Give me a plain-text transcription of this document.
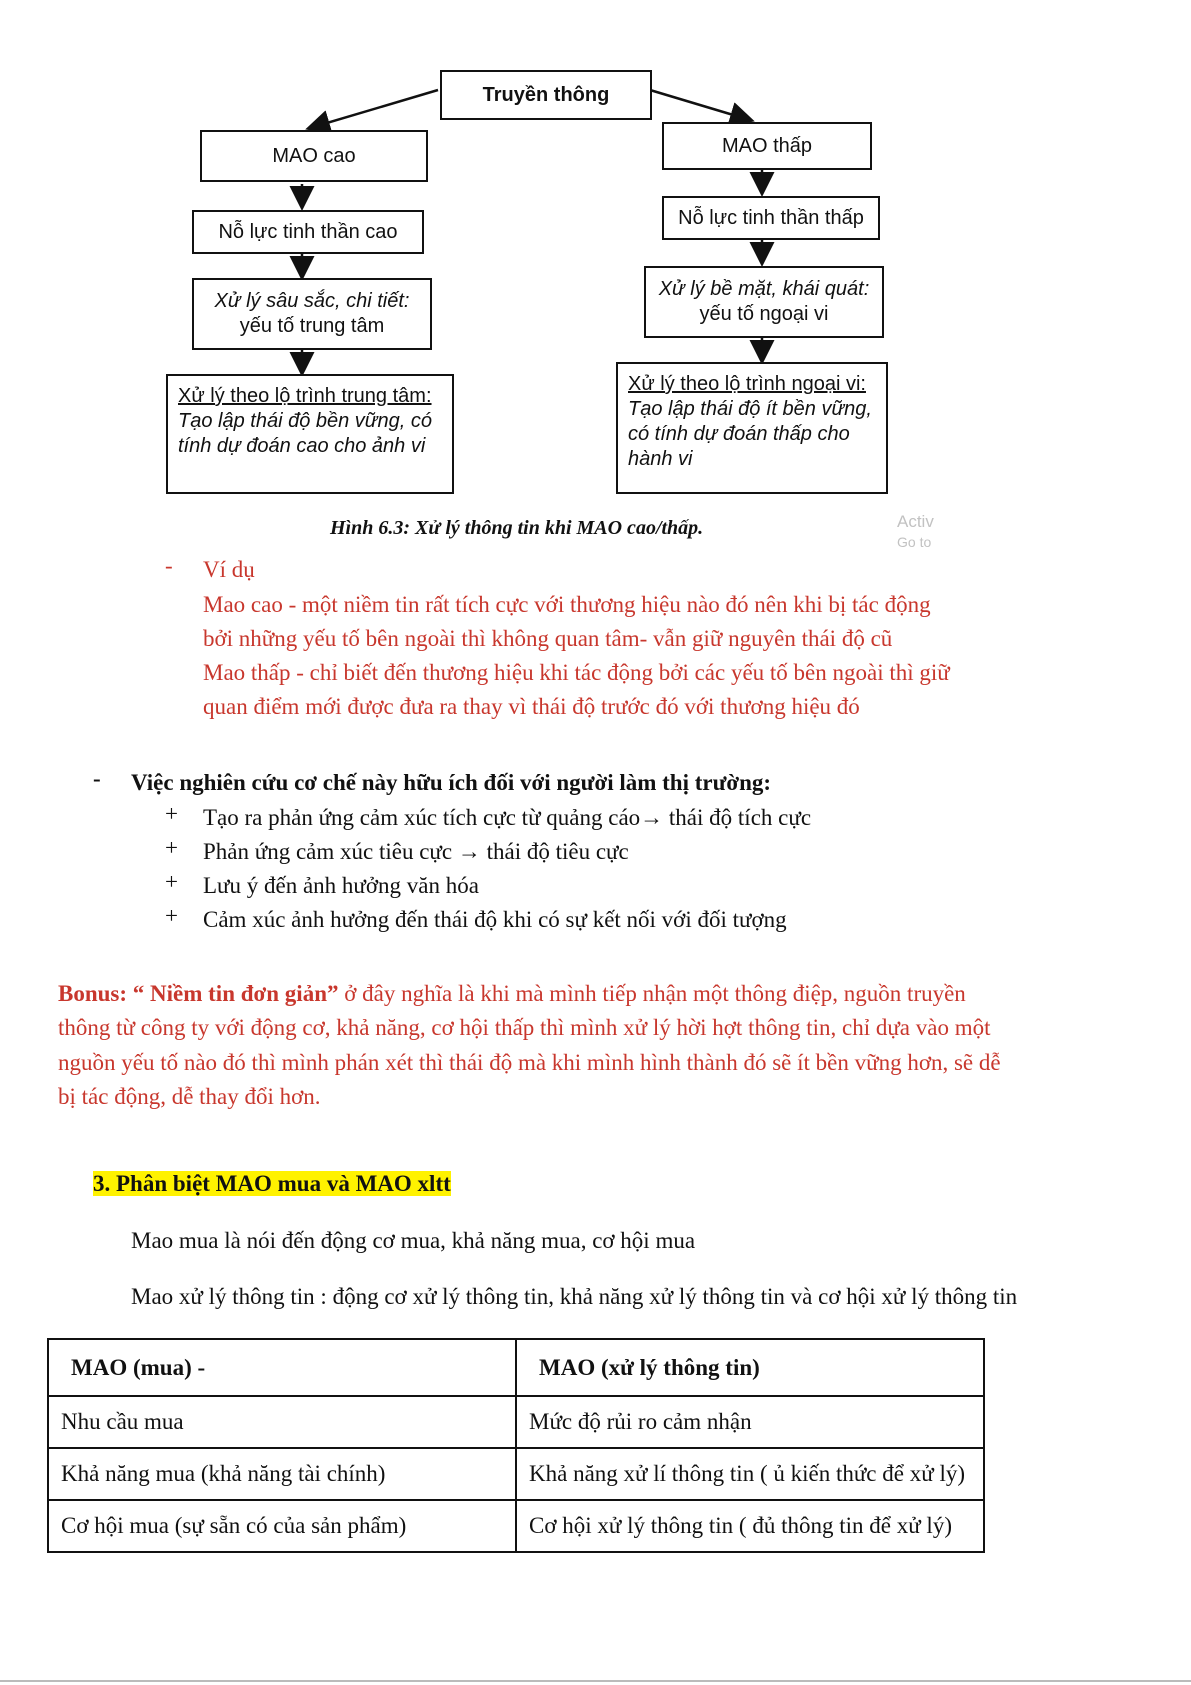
Truyền thông
MAO cao
Nỗ lực tinh thần cao
Xử lý sâu sắc, chi tiết:
yếu tố trung tâm
Xử lý theo lộ trình trung tâm:
Tạo lập thái độ bền vững, có
tính dự đoán cao cho ảnh vi
MAO thấp
Nỗ lực tinh thần thấp
Xử lý bề mặt, khái quát:
yếu tố ngoại vi
Xử lý theo lộ trình ngoại vi:
Tạo lập thái độ ít bền vững,
có tính dự đoán thấp cho
hành vi
Hình 6.3: Xử lý thông tin khi MAO cao/thấp.	Activ
Go to
- Ví dụ
Mao cao - một niềm tin rất tích cực với thương hiệu nào đó nên khi bị tác động
bởi những yếu tố bên ngoài thì không quan tâm- vẫn giữ nguyên thái độ cũ
Mao thấp - chỉ biết đến thương hiệu khi tác động bởi các yếu tố bên ngoài thì giữ
quan điểm mới được đưa ra thay vì thái độ trước đó với thương hiệu đó
- Việc nghiên cứu cơ chế này hữu ích đối với người làm thị trường:
+ Tạo ra phản ứng cảm xúc tích cực từ quảng cáo→ thái độ tích cực
+ Phản ứng cảm xúc tiêu cực → thái độ tiêu cực
+ Lưu ý đến ảnh hưởng văn hóa
+ Cảm xúc ảnh hưởng đến thái độ khi có sự kết nối với đối tượng
Bonus: “ Niềm tin đơn giản” ở đây nghĩa là khi mà mình tiếp nhận một thông điệp, nguồn truyền
thông từ công ty với động cơ, khả năng, cơ hội thấp thì mình xử lý hời hợt thông tin, chỉ dựa vào một
nguồn yếu tố nào đó thì mình phán xét thì thái độ mà khi mình hình thành đó sẽ ít bền vững hơn, sẽ dễ
bị tác động, dễ thay đổi hơn.
3. Phân biệt MAO mua và MAO xltt
Mao mua là nói đến động cơ mua, khả năng mua, cơ hội mua
Mao xử lý thông tin : động cơ xử lý thông tin, khả năng xử lý thông tin và cơ hội xử lý thông tin
MAO (mua) -	MAO (xử lý thông tin)
Nhu cầu mua	Mức độ rủi ro cảm nhận
Khả năng mua (khả năng tài chính)	Khả năng xử lí thông tin ( ủ kiến thức để xử lý)
Cơ hội mua (sự sẵn có của sản phẩm)	Cơ hội xử lý thông tin ( đủ thông tin để xử lý)
